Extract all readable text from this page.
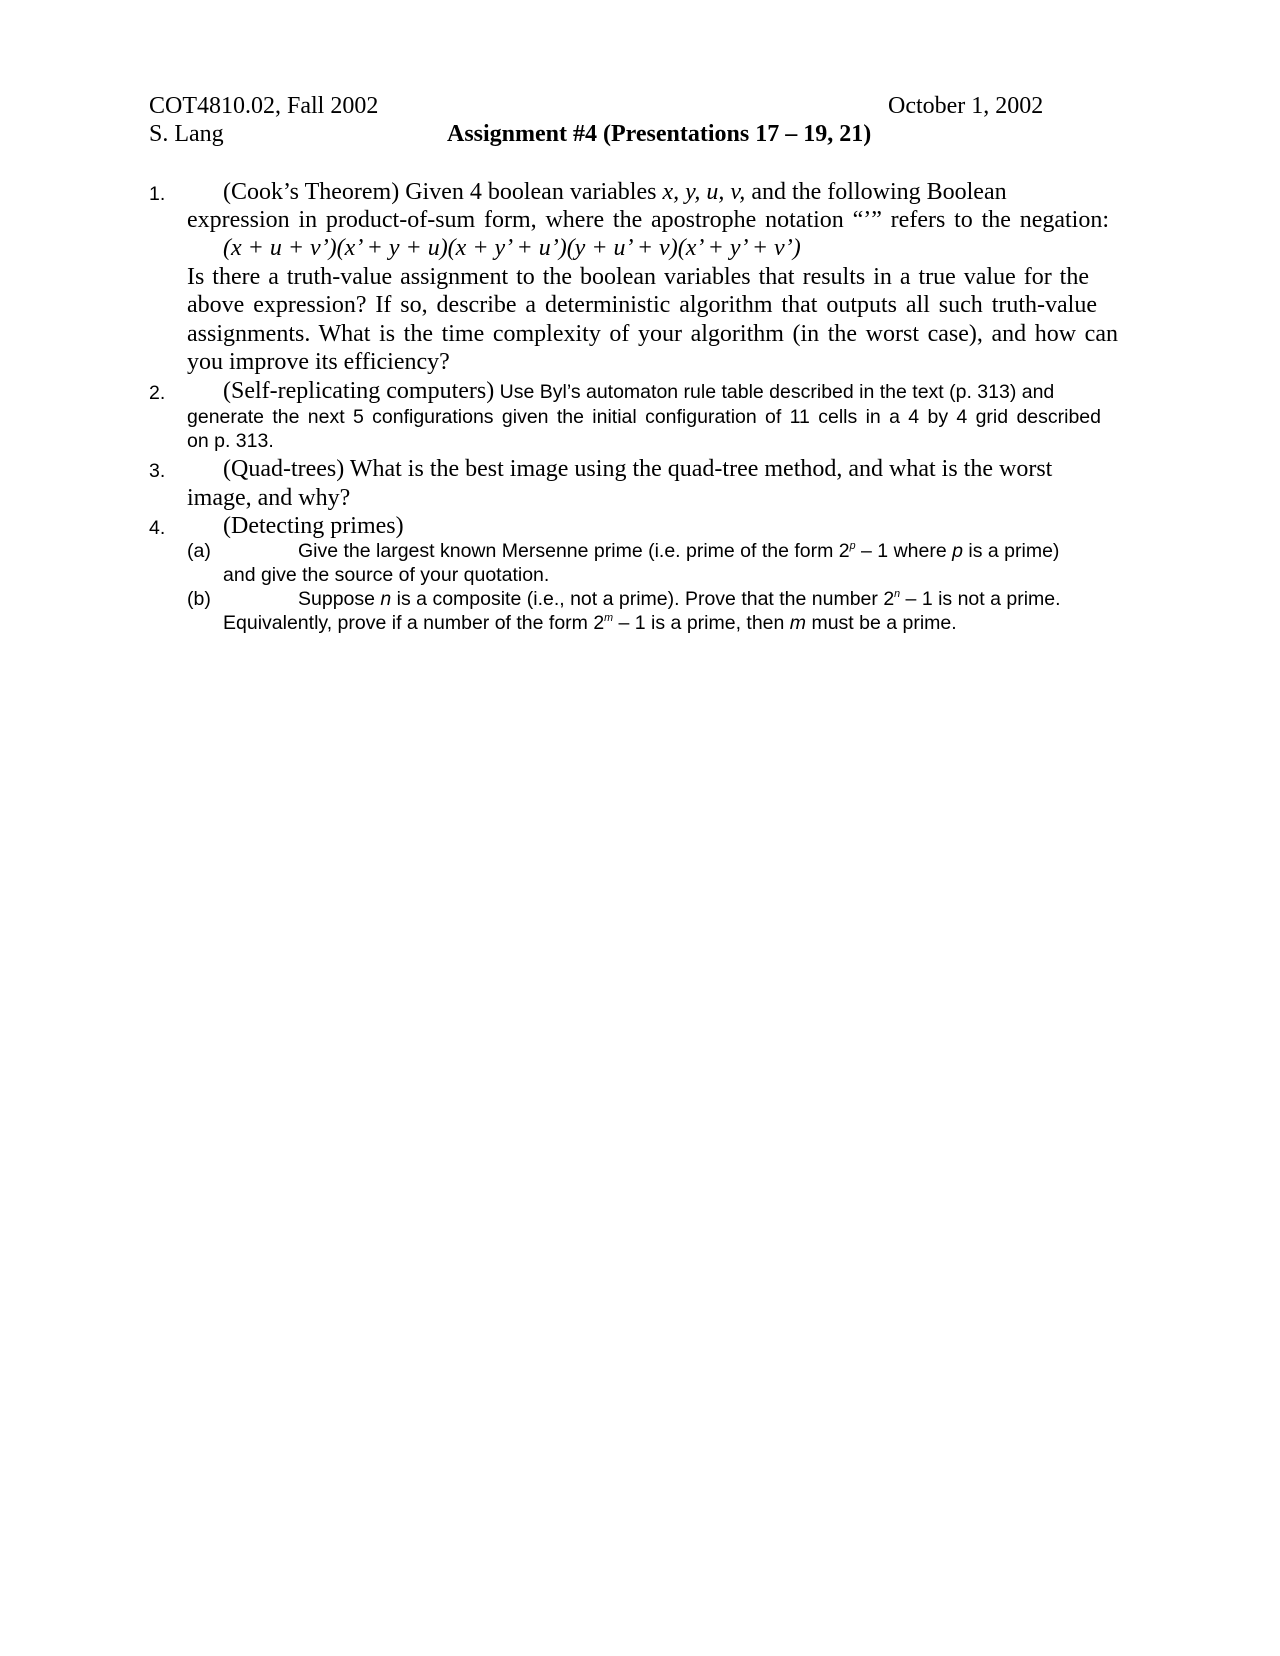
COT4810.02, Fall 2002	October 1, 2002
S. Lang	Assignment #4 (Presentations 17 – 19, 21)
1. (Cook’s Theorem) Given 4 boolean variables x, y, u, v, and the following Boolean
expression in product-of-sum form, where the apostrophe notation “’” refers to the negation:
(x + u + v’)(x’ + y + u)(x + y’ + u’)(y + u’ + v)(x’ + y’ + v’)
Is there a truth-value assignment to the boolean variables that results in a true value for the
above expression? If so, describe a deterministic algorithm that outputs all such truth-value
assignments. What is the time complexity of your algorithm (in the worst case), and how can
you improve its efficiency?
2. (Self-replicating computers) Use Byl’s automaton rule table described in the text (p. 313) and
generate the next 5 configurations given the initial configuration of 11 cells in a 4 by 4 grid described
on p. 313.
3. (Quad-trees) What is the best image using the quad-tree method, and what is the worst
image, and why?
4. (Detecting primes)
(a)	Give the largest known Mersenne prime (i.e. prime of the form 2$^p$ – 1 where p is a prime)
and give the source of your quotation.
(b)	Suppose n is a composite (i.e., not a prime). Prove that the number 2$^n$ – 1 is not a prime.
Equivalently, prove if a number of the form 2$^m$ – 1 is a prime, then m must be a prime.
